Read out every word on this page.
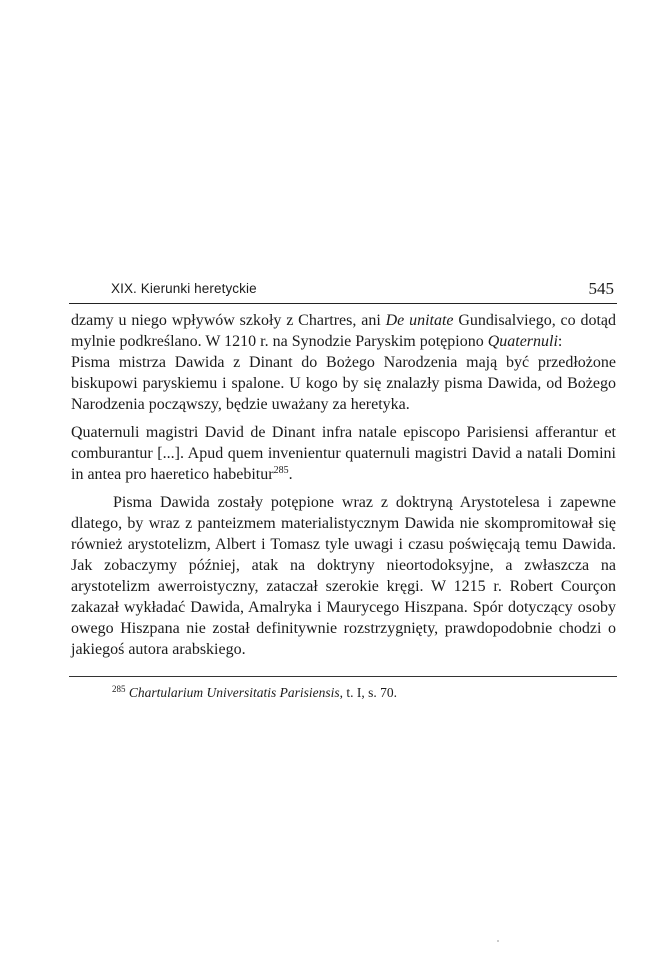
XIX. Kierunki heretyckie	545

dzamy u niego wpływów szkoły z Chartres, ani De unitate Gundisalviego, co dotąd mylnie podkreślano. W 1210 r. na Synodzie Paryskim potępiono Quaternuli:

Pisma mistrza Dawida z Dinant do Bożego Narodzenia mają być przedłożone biskupowi paryskiemu i spalone. U kogo by się znalazły pisma Dawida, od Bożego Narodzenia począwszy, będzie uważany za heretyka.

Quaternuli magistri David de Dinant infra natale episcopo Parisiensi afferantur et comburantur [...]. Apud quem invenientur quaternuli magistri David a natali Domini in antea pro haeretico habebitur$^{285}$.

Pisma Dawida zostały potępione wraz z doktryną Arystotelesa i zapewne dlatego, by wraz z panteizmem materialistycznym Dawida nie skompromitował się również arystotelizm, Albert i Tomasz tyle uwagi i czasu poświęcają temu Dawida. Jak zobaczymy później, atak na doktryny nieortodoksyjne, a zwłaszcza na arystotelizm awerroistyczny, zataczał szerokie kręgi. W 1215 r. Robert Courçon zakazał wykładać Dawida, Amalryka i Maurycego Hiszpana. Spór dotyczący osoby owego Hiszpana nie został definitywnie rozstrzygnięty, prawdopodobnie chodzi o jakiegoś autora arabskiego.

$^{285}$ Chartularium Universitatis Parisiensis, t. I, s. 70.
